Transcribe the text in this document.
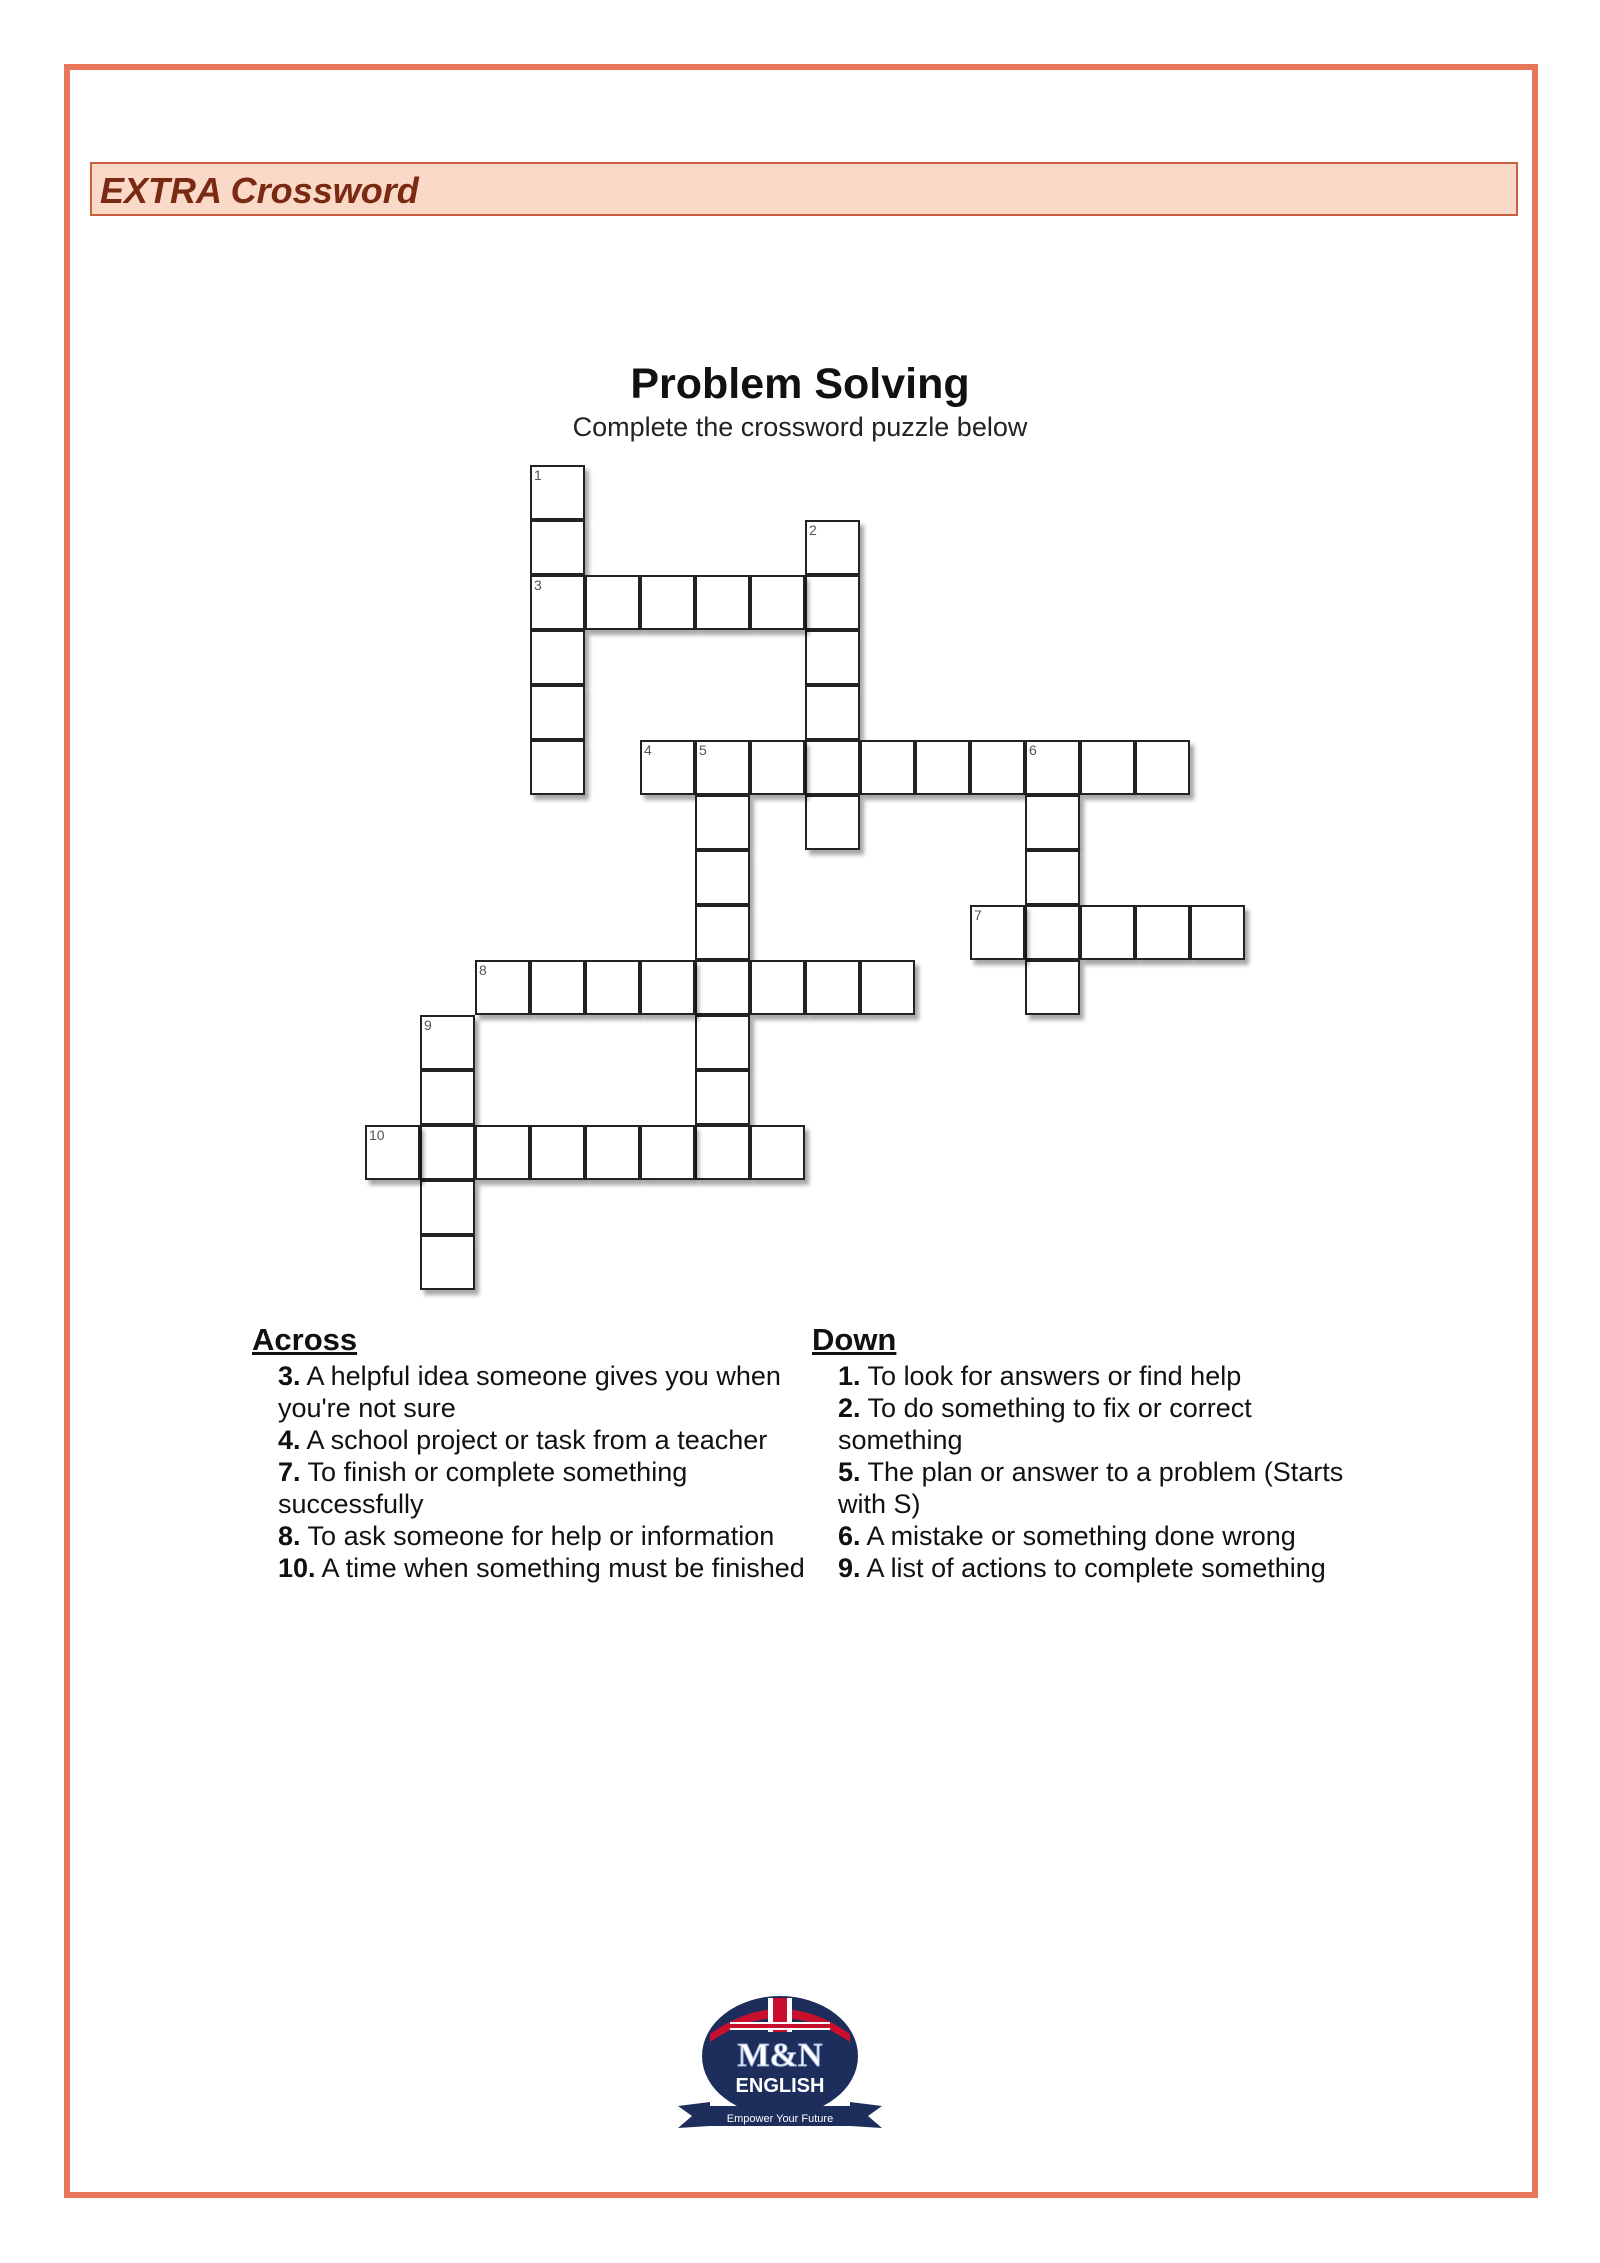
EXTRA Crossword
Problem Solving
Complete the crossword puzzle below
1
3
2
4	5	6
7
8
9
10
Across
3. A helpful idea someone gives you when you're not sure
4. A school project or task from a teacher
7. To finish or complete something successfully
8. To ask someone for help or information
10. A time when something must be finished
Down
1. To look for answers or find help
2. To do something to fix or correct something
5. The plan or answer to a problem (Starts with S)
6. A mistake or something done wrong
9. A list of actions to complete something
M&N
ENGLISH
Empower Your Future
